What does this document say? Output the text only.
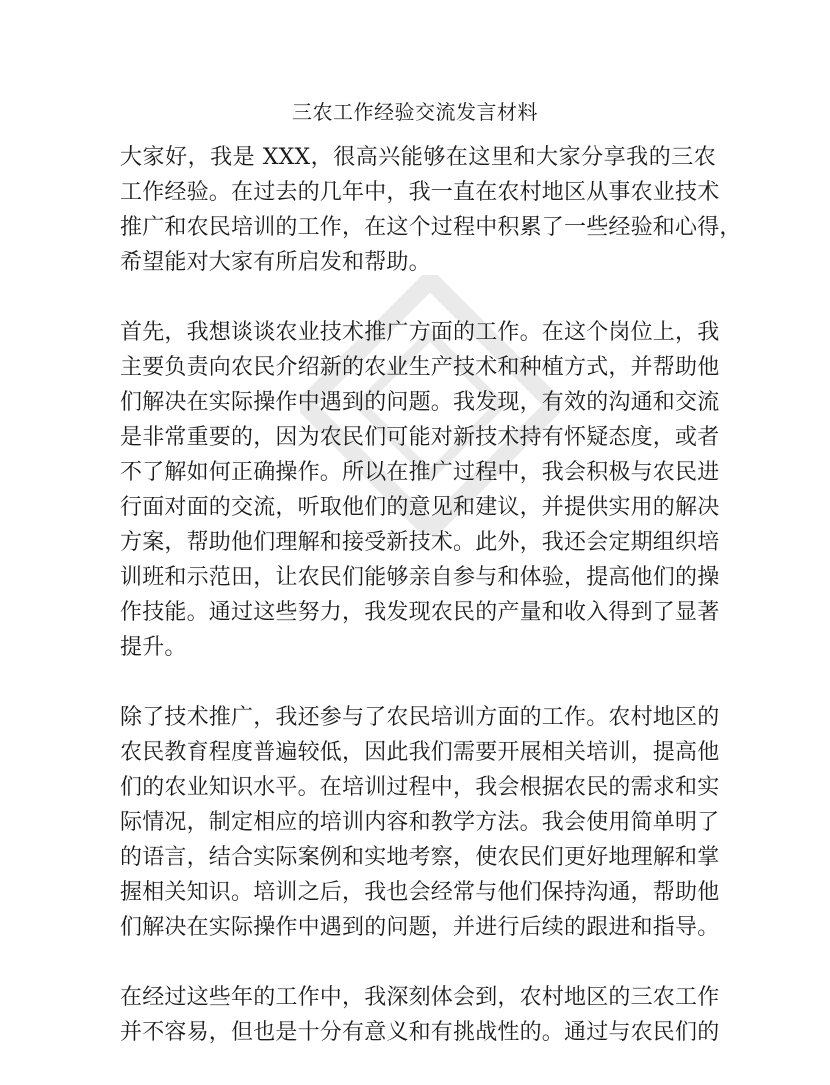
三农工作经验交流发言材料
大家好，我是 XXX，很高兴能够在这里和大家分享我的三农
工作经验。在过去的几年中，我一直在农村地区从事农业技术
推广和农民培训的工作，在这个过程中积累了一些经验和心得，
希望能对大家有所启发和帮助。
首先，我想谈谈农业技术推广方面的工作。在这个岗位上，我
主要负责向农民介绍新的农业生产技术和种植方式，并帮助他
们解决在实际操作中遇到的问题。我发现，有效的沟通和交流
是非常重要的，因为农民们可能对新技术持有怀疑态度，或者
不了解如何正确操作。所以在推广过程中，我会积极与农民进
行面对面的交流，听取他们的意见和建议，并提供实用的解决
方案，帮助他们理解和接受新技术。此外，我还会定期组织培
训班和示范田，让农民们能够亲自参与和体验，提高他们的操
作技能。通过这些努力，我发现农民的产量和收入得到了显著
提升。
除了技术推广，我还参与了农民培训方面的工作。农村地区的
农民教育程度普遍较低，因此我们需要开展相关培训，提高他
们的农业知识水平。在培训过程中，我会根据农民的需求和实
际情况，制定相应的培训内容和教学方法。我会使用简单明了
的语言，结合实际案例和实地考察，使农民们更好地理解和掌
握相关知识。培训之后，我也会经常与他们保持沟通，帮助他
们解决在实际操作中遇到的问题，并进行后续的跟进和指导。
在经过这些年的工作中，我深刻体会到，农村地区的三农工作
并不容易，但也是十分有意义和有挑战性的。通过与农民们的
